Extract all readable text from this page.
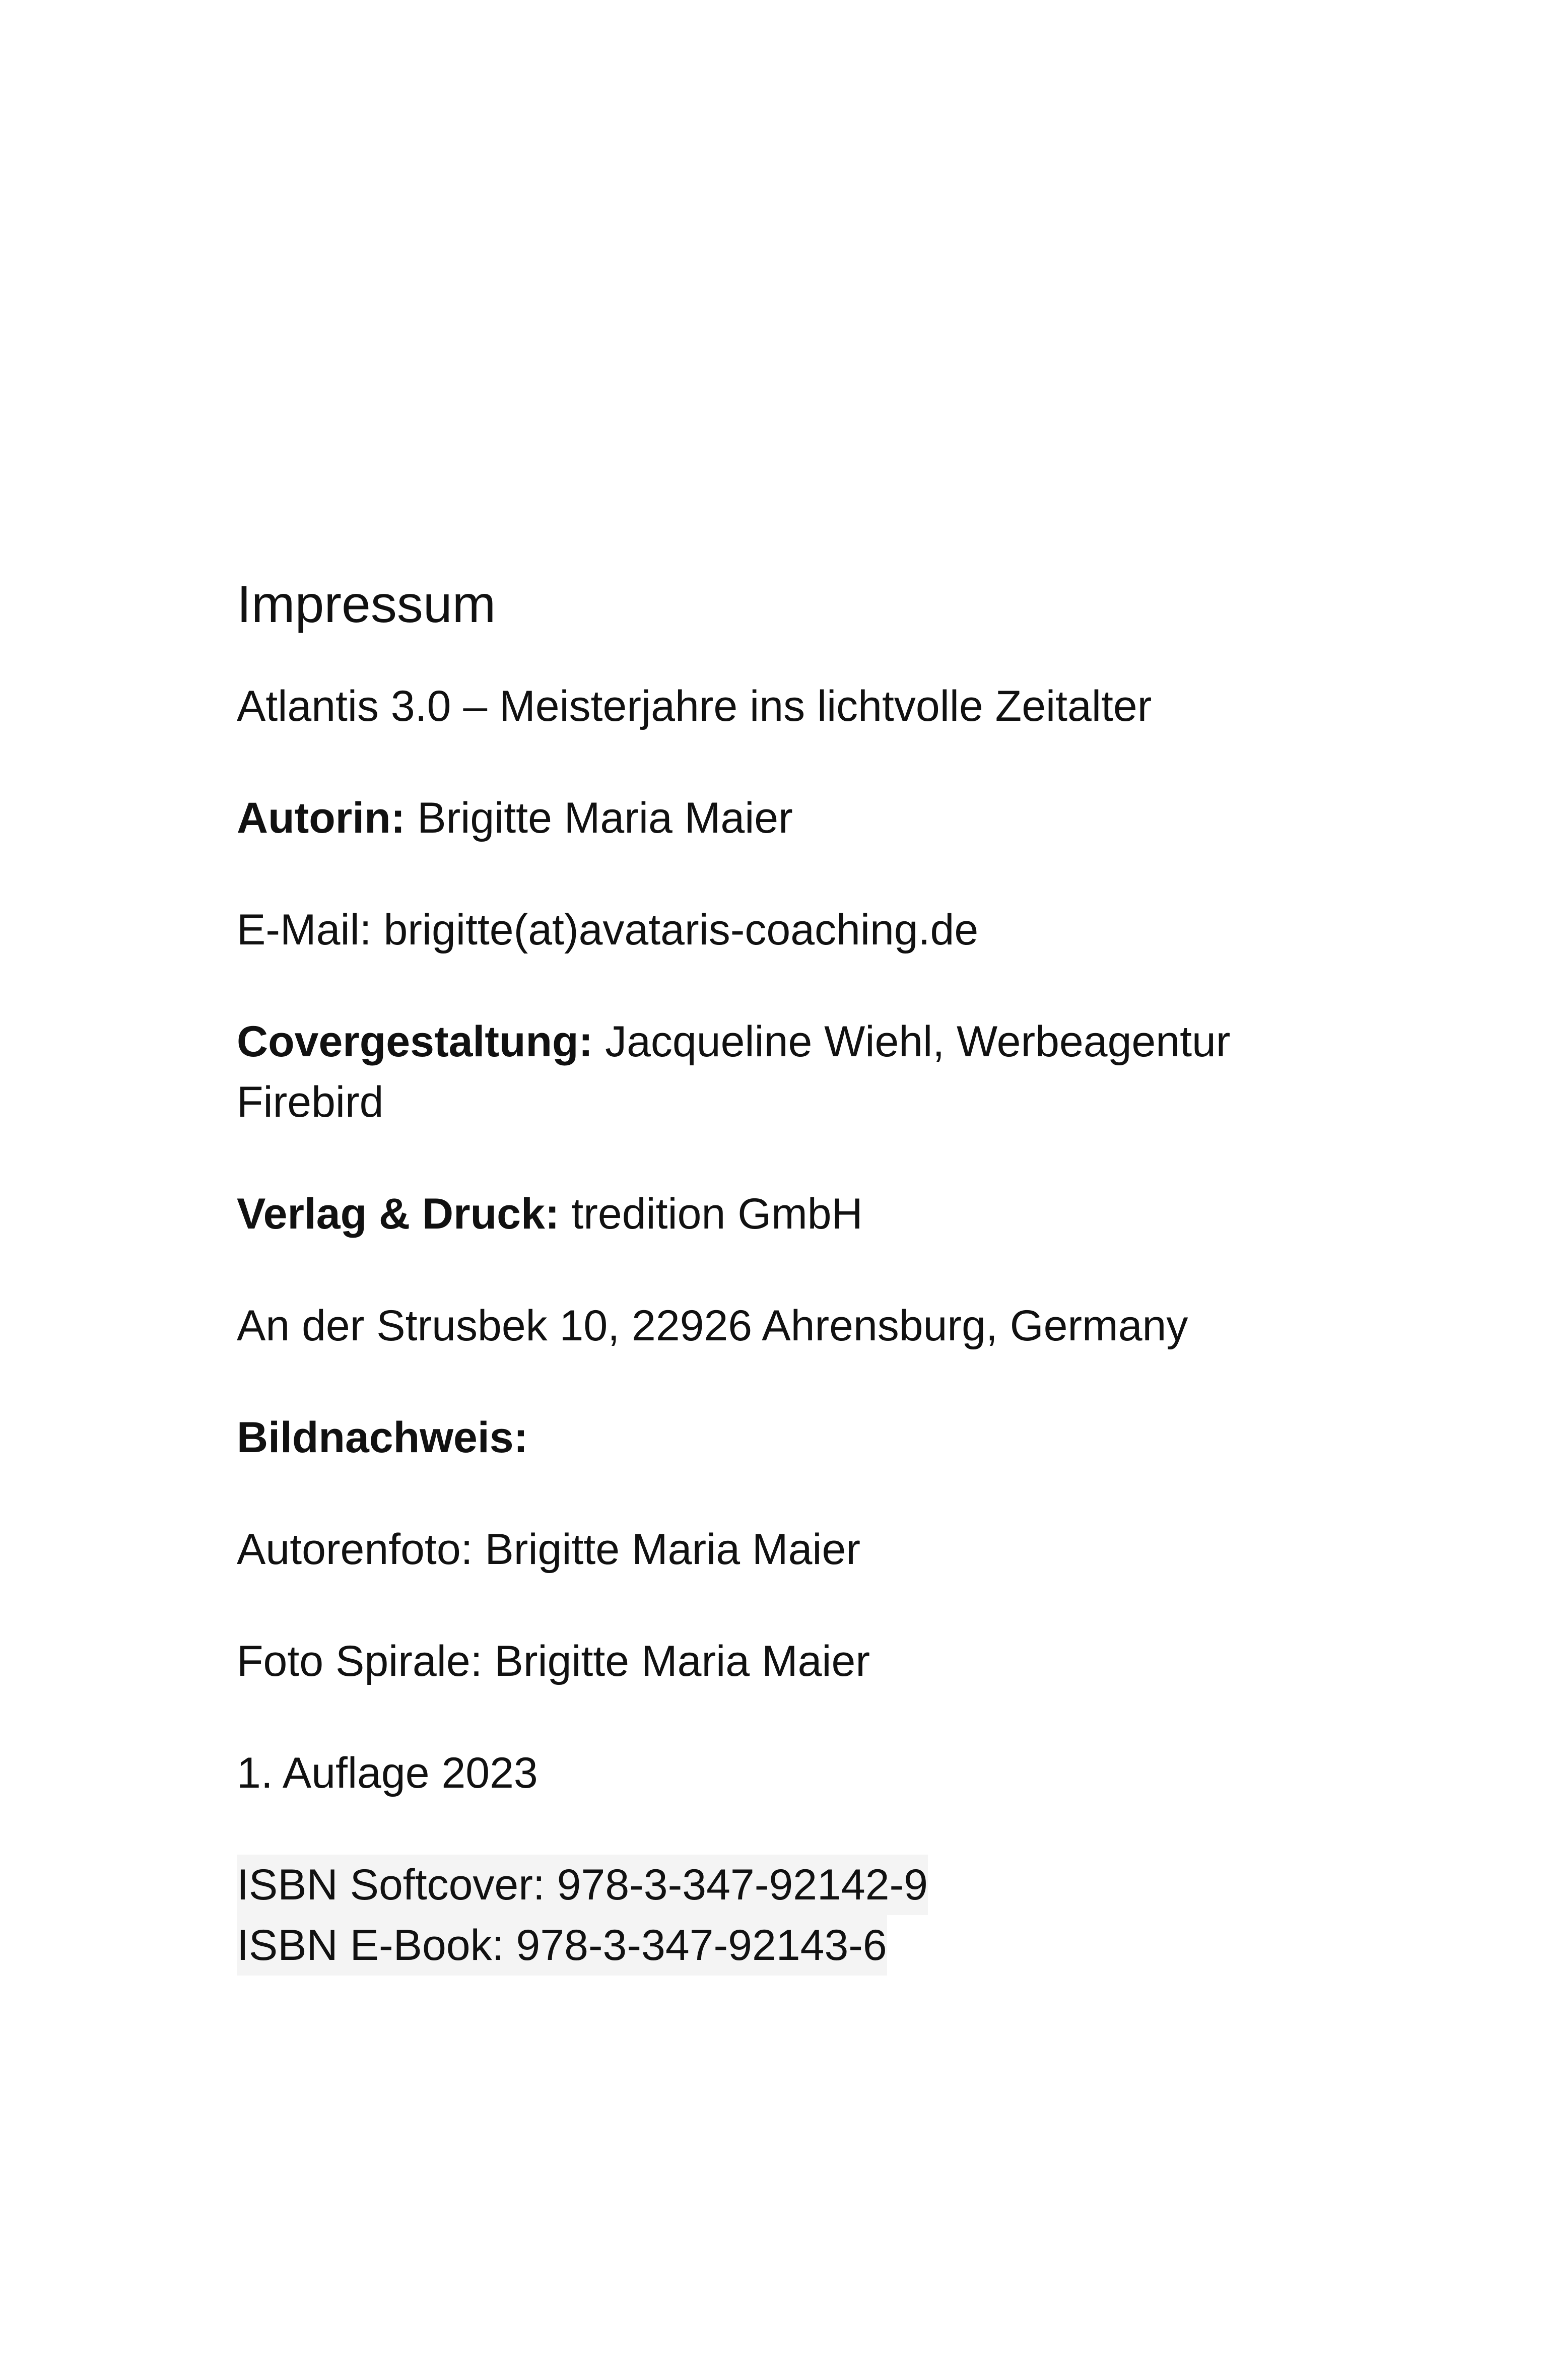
Impressum
Atlantis 3.0 – Meisterjahre ins lichtvolle Zeitalter
Autorin: Brigitte Maria Maier
E-Mail: brigitte(at)avataris-coaching.de
Covergestaltung: Jacqueline Wiehl, Werbeagentur Firebird
Verlag & Druck: tredition GmbH
An der Strusbek 10, 22926 Ahrensburg, Germany
Bildnachweis:
Autorenfoto: Brigitte Maria Maier
Foto Spirale: Brigitte Maria Maier
1. Auflage 2023
ISBN Softcover: 978-3-347-92142-9
ISBN E-Book: 978-3-347-92143-6
